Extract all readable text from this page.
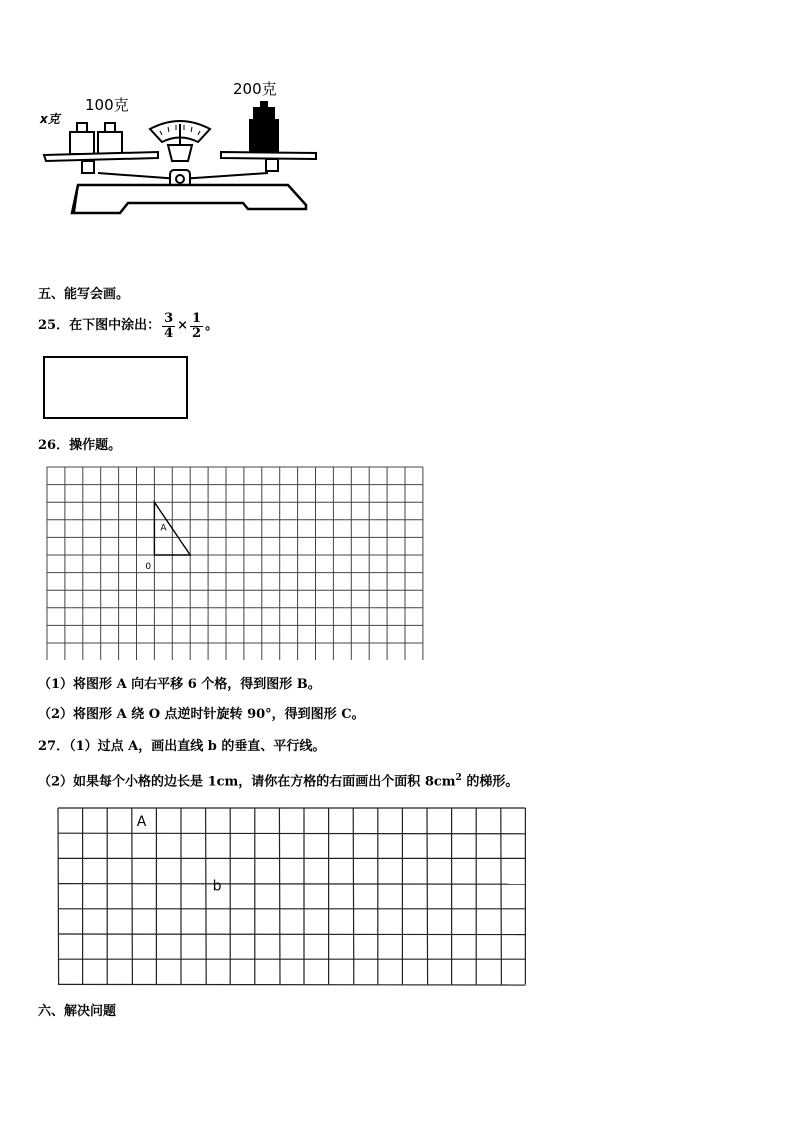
x克
100克
200克
五、能写会画。
25．在下图中涂出： $\frac{3}{4} \times \frac{1}{2}$ 。
26．操作题。
A
0
（1）将图形 A 向右平移 6 个格，得到图形 B。
（2）将图形 A 绕 O 点逆时针旋转 90°，得到图形 C。
27．（1）过点 A，画出直线 b 的垂直、平行线。
（2）如果每个小格的边长是 1cm，请你在方格的右面画出个面积 $8cm^2$ 的梯形。
A
b
六、解决问题
